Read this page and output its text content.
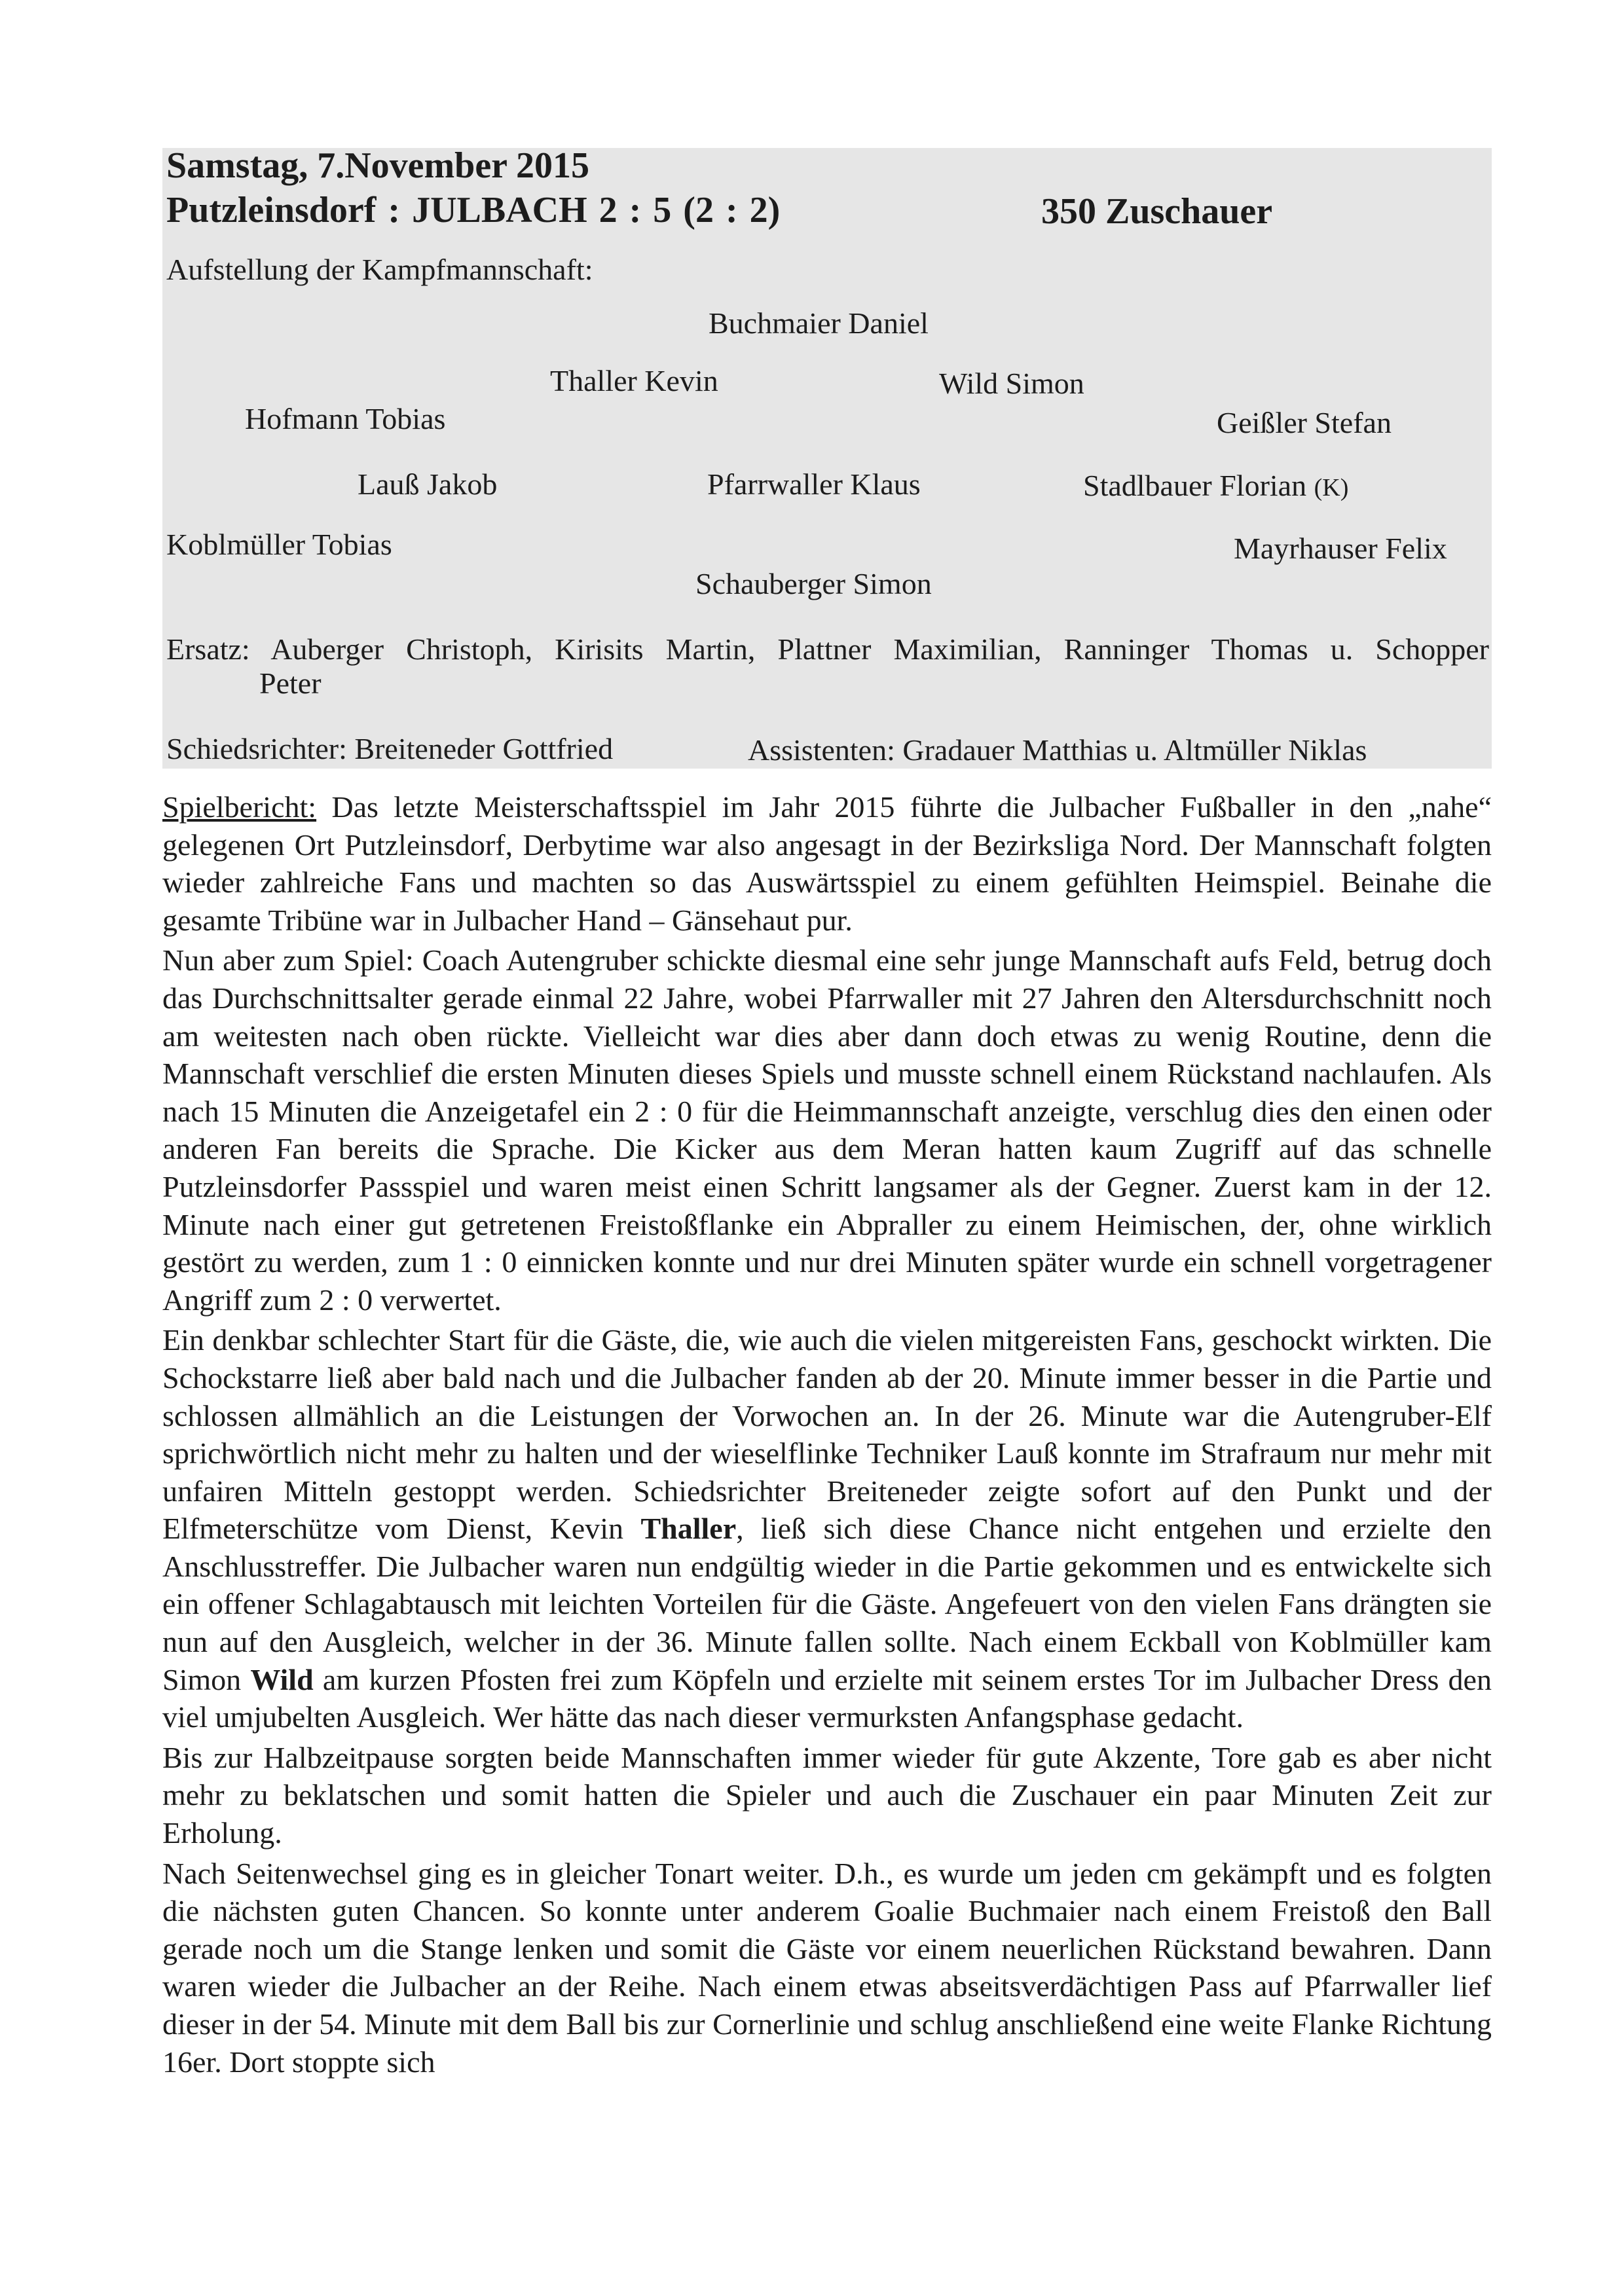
Samstag, 7.November 2015
Putzleinsdorf : JULBACH 2 : 5 (2 : 2)	350 Zuschauer
Aufstellung der Kampfmannschaft:
Buchmaier Daniel
Thaller Kevin	Wild Simon
Hofmann Tobias	Geißler Stefan
Lauß Jakob	Pfarrwaller Klaus	Stadlbauer Florian (K)
Koblmüller Tobias	Mayrhauser Felix
Schauberger Simon
Ersatz: Auberger Christoph, Kirisits Martin, Plattner Maximilian, Ranninger Thomas u. Schopper
Peter
Schiedsrichter: Breiteneder Gottfried	Assistenten: Gradauer Matthias u. Altmüller Niklas

Spielbericht: Das letzte Meisterschaftsspiel im Jahr 2015 führte die Julbacher Fußballer in den „nahe“ gelegenen Ort Putzleinsdorf, Derbytime war also angesagt in der Bezirksliga Nord. Der Mannschaft folgten wieder zahlreiche Fans und machten so das Auswärtsspiel zu einem gefühlten Heimspiel. Beinahe die gesamte Tribüne war in Julbacher Hand – Gänsehaut pur.

Nun aber zum Spiel: Coach Autengruber schickte diesmal eine sehr junge Mannschaft aufs Feld, betrug doch das Durchschnittsalter gerade einmal 22 Jahre, wobei Pfarrwaller mit 27 Jahren den Altersdurchschnitt noch am weitesten nach oben rückte. Vielleicht war dies aber dann doch etwas zu wenig Routine, denn die Mannschaft verschlief die ersten Minuten dieses Spiels und musste schnell einem Rückstand nachlaufen. Als nach 15 Minuten die Anzeigetafel ein 2 : 0 für die Heimmannschaft anzeigte, verschlug dies den einen oder anderen Fan bereits die Sprache. Die Kicker aus dem Meran hatten kaum Zugriff auf das schnelle Putzleinsdorfer Passspiel und waren meist einen Schritt langsamer als der Gegner. Zuerst kam in der 12. Minute nach einer gut getretenen Freistoßflanke ein Abpraller zu einem Heimischen, der, ohne wirklich gestört zu werden, zum 1 : 0 einnicken konnte und nur drei Minuten später wurde ein schnell vorgetragener Angriff zum 2 : 0 verwertet.

Ein denkbar schlechter Start für die Gäste, die, wie auch die vielen mitgereisten Fans, geschockt wirkten. Die Schockstarre ließ aber bald nach und die Julbacher fanden ab der 20. Minute immer besser in die Partie und schlossen allmählich an die Leistungen der Vorwochen an. In der 26. Minute war die Autengruber-Elf sprichwörtlich nicht mehr zu halten und der wieselflinke Techniker Lauß konnte im Strafraum nur mehr mit unfairen Mitteln gestoppt werden. Schiedsrichter Breiteneder zeigte sofort auf den Punkt und der Elfmeterschütze vom Dienst, Kevin Thaller, ließ sich diese Chance nicht entgehen und erzielte den Anschlusstreffer. Die Julbacher waren nun endgültig wieder in die Partie gekommen und es entwickelte sich ein offener Schlagabtausch mit leichten Vorteilen für die Gäste. Angefeuert von den vielen Fans drängten sie nun auf den Ausgleich, welcher in der 36. Minute fallen sollte. Nach einem Eckball von Koblmüller kam Simon Wild am kurzen Pfosten frei zum Köpfeln und erzielte mit seinem erstes Tor im Julbacher Dress den viel umjubelten Ausgleich. Wer hätte das nach dieser vermurksten Anfangsphase gedacht.

Bis zur Halbzeitpause sorgten beide Mannschaften immer wieder für gute Akzente, Tore gab es aber nicht mehr zu beklatschen und somit hatten die Spieler und auch die Zuschauer ein paar Minuten Zeit zur Erholung.

Nach Seitenwechsel ging es in gleicher Tonart weiter. D.h., es wurde um jeden cm gekämpft und es folgten die nächsten guten Chancen. So konnte unter anderem Goalie Buchmaier nach einem Freistoß den Ball gerade noch um die Stange lenken und somit die Gäste vor einem neuerlichen Rückstand bewahren. Dann waren wieder die Julbacher an der Reihe. Nach einem etwas abseitsverdächtigen Pass auf Pfarrwaller lief dieser in der 54. Minute mit dem Ball bis zur Cornerlinie und schlug anschließend eine weite Flanke Richtung 16er. Dort stoppte sich
